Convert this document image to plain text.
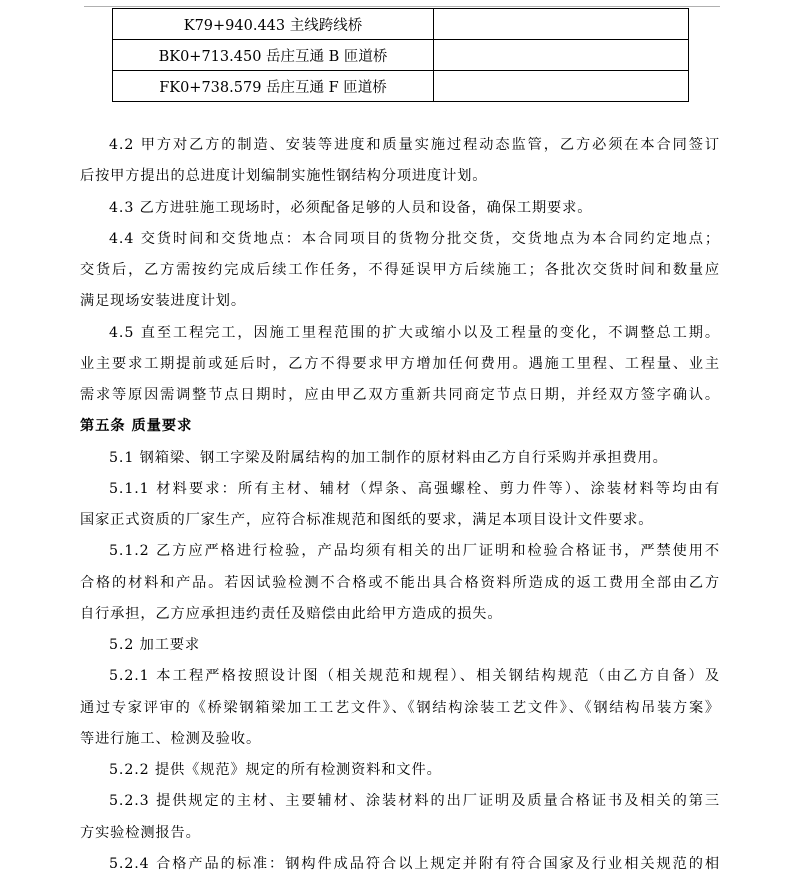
K79+940.443 主线跨线桥	
BK0+713.450 岳庄互通 B 匝道桥	
FK0+738.579 岳庄互通 F 匝道桥	
4.2 甲方对乙方的制造、安装等进度和质量实施过程动态监管，乙方必须在本合同签订
后按甲方提出的总进度计划编制实施性钢结构分项进度计划。
4.3 乙方进驻施工现场时，必须配备足够的人员和设备，确保工期要求。
4.4 交货时间和交货地点：本合同项目的货物分批交货，交货地点为本合同约定地点；
交货后，乙方需按约完成后续工作任务，不得延误甲方后续施工；各批次交货时间和数量应
满足现场安装进度计划。
4.5 直至工程完工，因施工里程范围的扩大或缩小以及工程量的变化，不调整总工期。
业主要求工期提前或延后时，乙方不得要求甲方增加任何费用。遇施工里程、工程量、业主
需求等原因需调整节点日期时，应由甲乙双方重新共同商定节点日期，并经双方签字确认。
第五条 质量要求
5.1 钢箱梁、钢工字梁及附属结构的加工制作的原材料由乙方自行采购并承担费用。
5.1.1 材料要求：所有主材、辅材（焊条、高强螺栓、剪力件等）、涂装材料等均由有
国家正式资质的厂家生产，应符合标准规范和图纸的要求，满足本项目设计文件要求。
5.1.2 乙方应严格进行检验，产品均须有相关的出厂证明和检验合格证书，严禁使用不
合格的材料和产品。若因试验检测不合格或不能出具合格资料所造成的返工费用全部由乙方
自行承担，乙方应承担违约责任及赔偿由此给甲方造成的损失。
5.2 加工要求
5.2.1 本工程严格按照设计图（相关规范和规程）、相关钢结构规范（由乙方自备）及
通过专家评审的《桥梁钢箱梁加工工艺文件》、《钢结构涂装工艺文件》、《钢结构吊装方案》
等进行施工、检测及验收。
5.2.2 提供《规范》规定的所有检测资料和文件。
5.2.3 提供规定的主材、主要辅材、涂装材料的出厂证明及质量合格证书及相关的第三
方实验检测报告。
5.2.4 合格产品的标准：钢构件成品符合以上规定并附有符合国家及行业相关规范的相
